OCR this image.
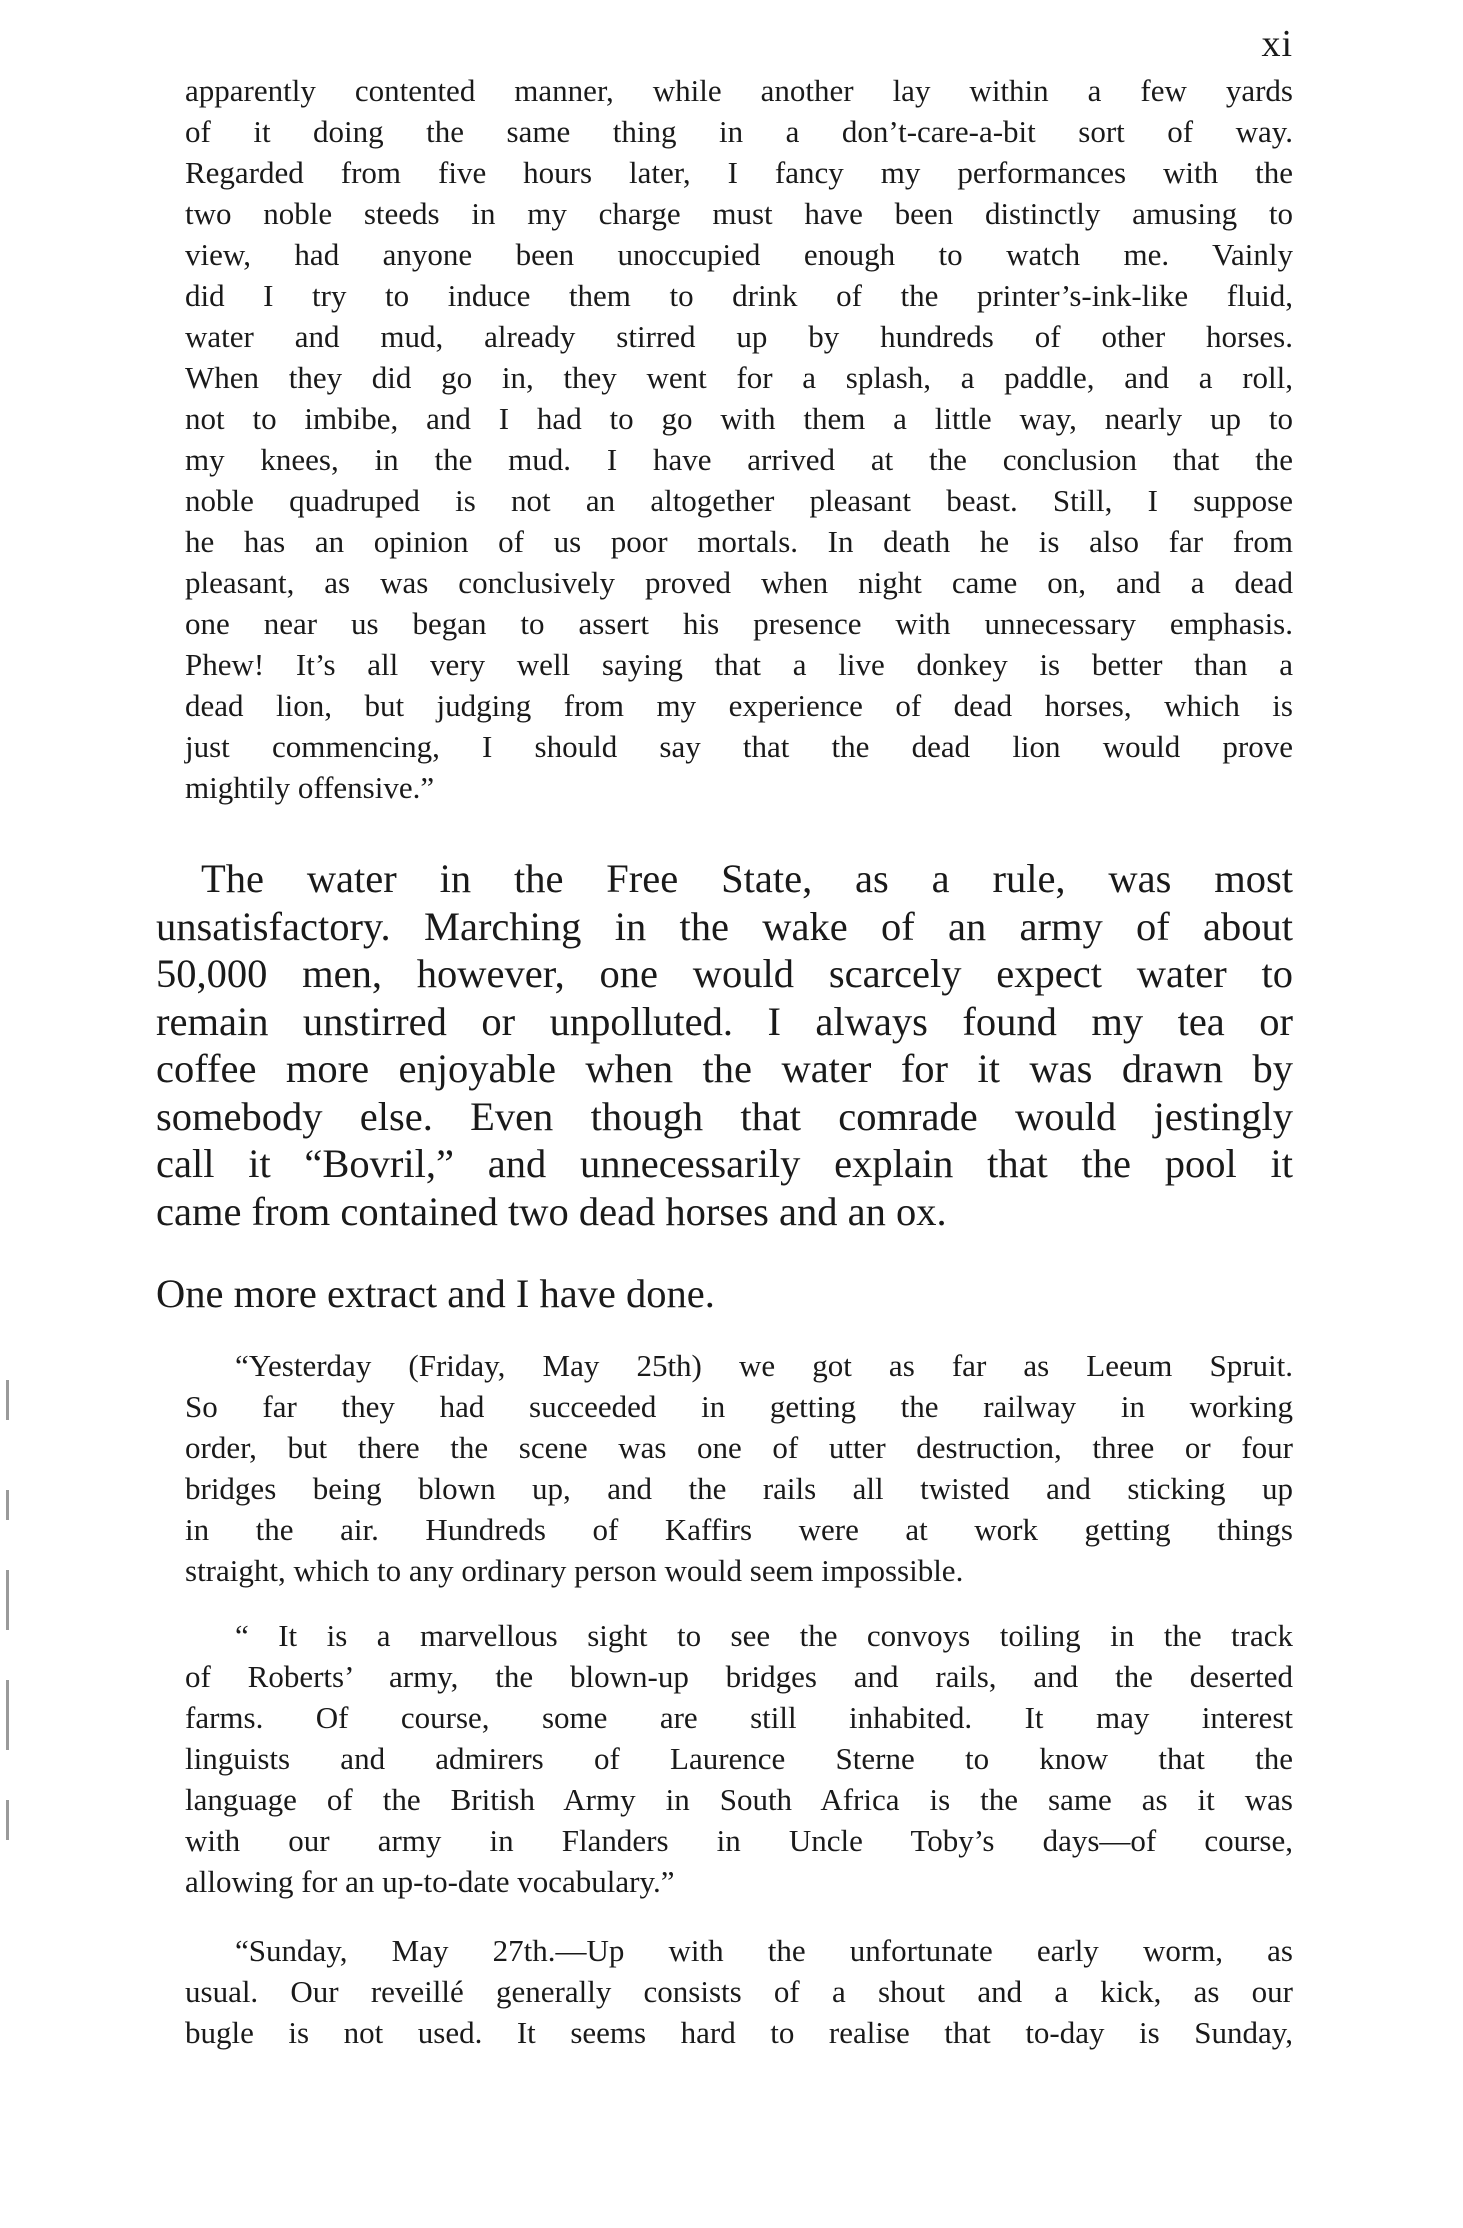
xi
apparently contented manner, while another lay within a few yards
of it doing the same thing in a don’t-care-a-bit sort of way.
Regarded from five hours later, I fancy my performances with the
two noble steeds in my charge must have been distinctly amusing to
view, had anyone been unoccupied enough to watch me. Vainly
did I try to induce them to drink of the printer’s-ink-like fluid,
water and mud, already stirred up by hundreds of other horses.
When they did go in, they went for a splash, a paddle, and a roll,
not to imbibe, and I had to go with them a little way, nearly up to
my knees, in the mud. I have arrived at the conclusion that the
noble quadruped is not an altogether pleasant beast. Still, I suppose
he has an opinion of us poor mortals. In death he is also far from
pleasant, as was conclusively proved when night came on, and a dead
one near us began to assert his presence with unnecessary emphasis.
Phew! It’s all very well saying that a live donkey is better than a
dead lion, but judging from my experience of dead horses, which is
just commencing, I should say that the dead lion would prove
mightily offensive.”
The water in the Free State, as a rule, was most
unsatisfactory. Marching in the wake of an army of about
50,000 men, however, one would scarcely expect water to
remain unstirred or unpolluted. I always found my tea or
coffee more enjoyable when the water for it was drawn by
somebody else. Even though that comrade would jestingly
call it “Bovril,” and unnecessarily explain that the pool it
came from contained two dead horses and an ox.
One more extract and I have done.
“Yesterday (Friday, May 25th) we got as far as Leeum Spruit.
So far they had succeeded in getting the railway in working
order, but there the scene was one of utter destruction, three or four
bridges being blown up, and the rails all twisted and sticking up
in the air. Hundreds of Kaffirs were at work getting things
straight, which to any ordinary person would seem impossible.
“ It is a marvellous sight to see the convoys toiling in the track
of Roberts’ army, the blown-up bridges and rails, and the deserted
farms. Of course, some are still inhabited. It may interest
linguists and admirers of Laurence Sterne to know that the
language of the British Army in South Africa is the same as it was
with our army in Flanders in Uncle Toby’s days—of course,
allowing for an up-to-date vocabulary.”
“Sunday, May 27th.—Up with the unfortunate early worm, as
usual. Our reveillé generally consists of a shout and a kick, as our
bugle is not used. It seems hard to realise that to-day is Sunday,
